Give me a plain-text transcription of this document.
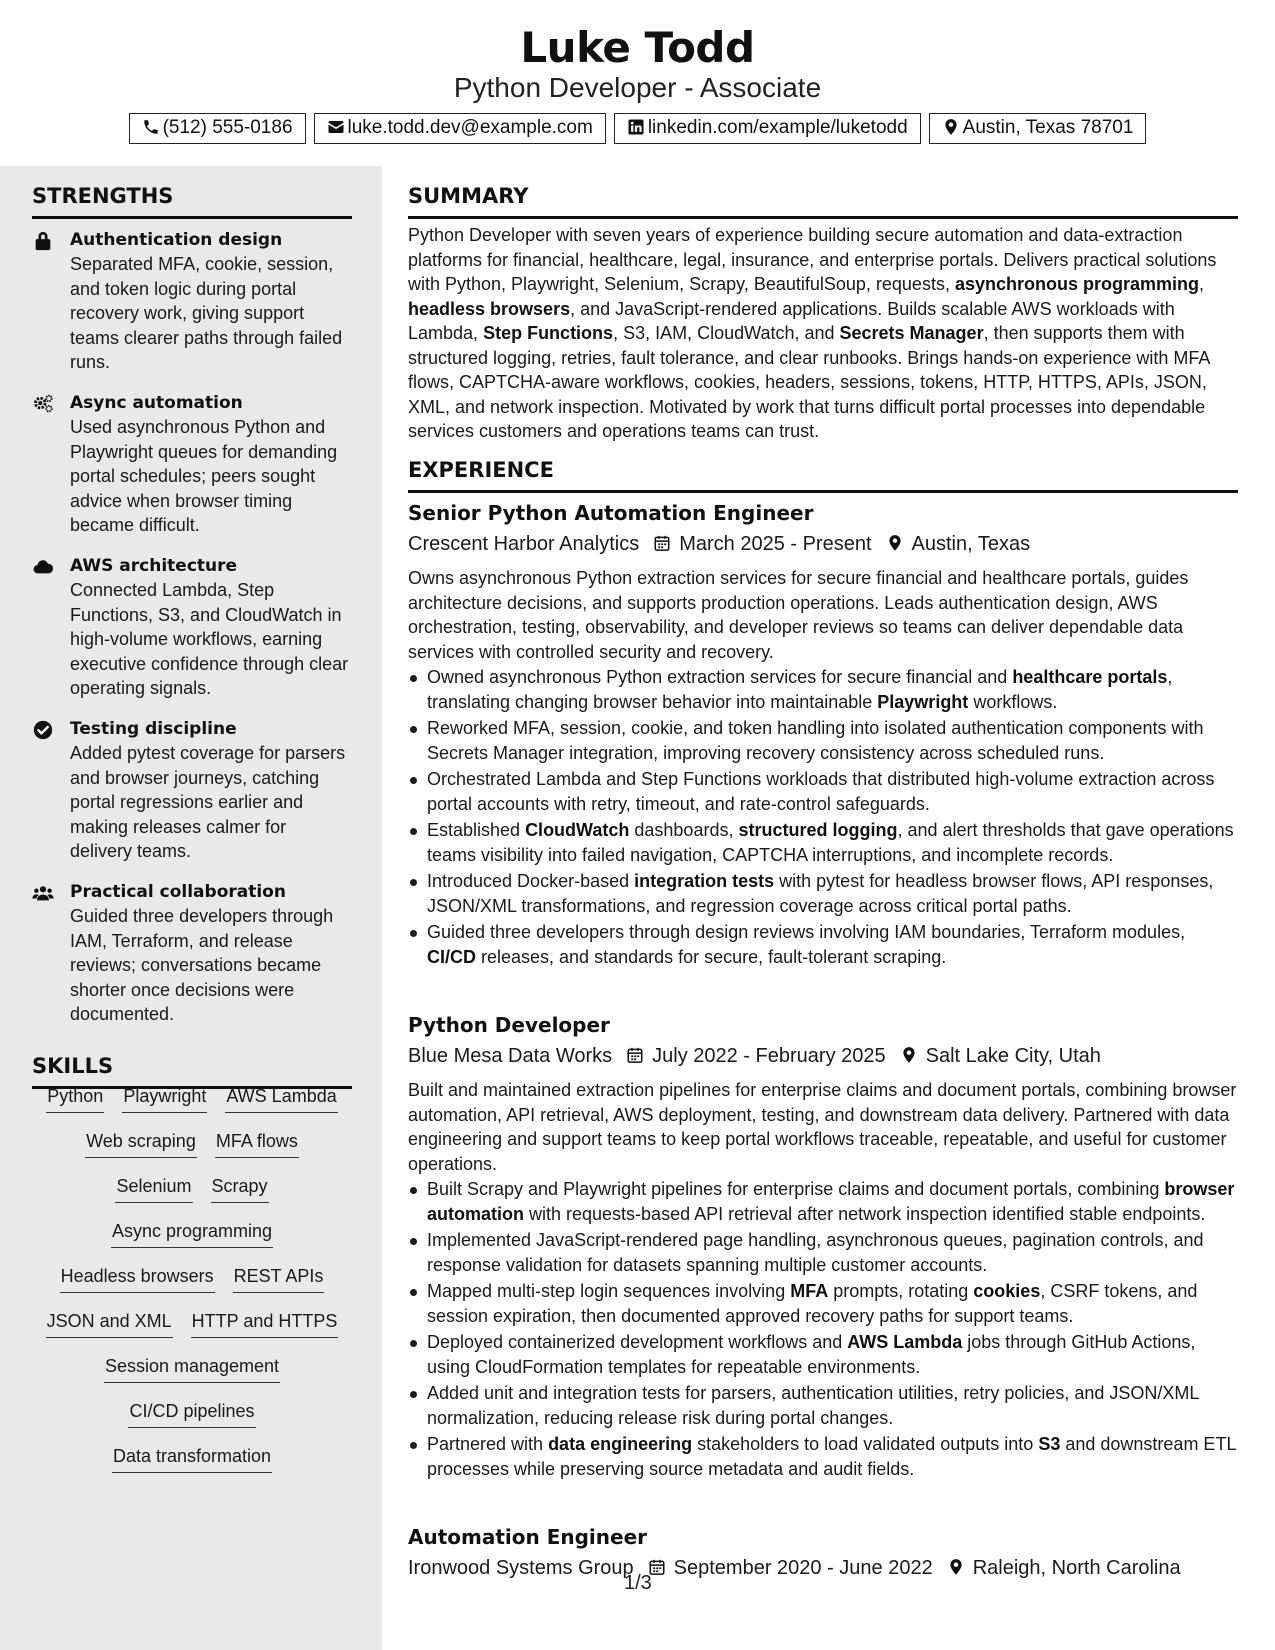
Luke Todd
Python Developer - Associate
(512) 555-0186	luke.todd.dev@example.com	linkedin.com/example/luketodd	Austin, Texas 78701
STRENGTHS
Authentication design
Separated MFA, cookie, session, and token logic during portal recovery work, giving support teams clearer paths through failed runs.
Async automation
Used asynchronous Python and Playwright queues for demanding portal schedules; peers sought advice when browser timing became difficult.
AWS architecture
Connected Lambda, Step Functions, S3, and CloudWatch in high-volume workflows, earning executive confidence through clear operating signals.
Testing discipline
Added pytest coverage for parsers and browser journeys, catching portal regressions earlier and making releases calmer for delivery teams.
Practical collaboration
Guided three developers through IAM, Terraform, and release reviews; conversations became shorter once decisions were documented.
SKILLS
Python Playwright AWS Lambda
Web scraping MFA flows
Selenium Scrapy
Async programming
Headless browsers REST APIs
JSON and XML HTTP and HTTPS
Session management
CI/CD pipelines
Data transformation
SUMMARY
Python Developer with seven years of experience building secure automation and data-extraction platforms for financial, healthcare, legal, insurance, and enterprise portals. Delivers practical solutions with Python, Playwright, Selenium, Scrapy, BeautifulSoup, requests, asynchronous programming, headless browsers, and JavaScript-rendered applications. Builds scalable AWS workloads with Lambda, Step Functions, S3, IAM, CloudWatch, and Secrets Manager, then supports them with structured logging, retries, fault tolerance, and clear runbooks. Brings hands-on experience with MFA flows, CAPTCHA-aware workflows, cookies, headers, sessions, tokens, HTTP, HTTPS, APIs, JSON, XML, and network inspection. Motivated by work that turns difficult portal processes into dependable services customers and operations teams can trust.
EXPERIENCE
Senior Python Automation Engineer
Crescent Harbor Analytics March 2025 - Present Austin, Texas
Owns asynchronous Python extraction services for secure financial and healthcare portals, guides architecture decisions, and supports production operations. Leads authentication design, AWS orchestration, testing, observability, and developer reviews so teams can deliver dependable data services with controlled security and recovery.
Owned asynchronous Python extraction services for secure financial and healthcare portals, translating changing browser behavior into maintainable Playwright workflows.
Reworked MFA, session, cookie, and token handling into isolated authentication components with Secrets Manager integration, improving recovery consistency across scheduled runs.
Orchestrated Lambda and Step Functions workloads that distributed high-volume extraction across portal accounts with retry, timeout, and rate-control safeguards.
Established CloudWatch dashboards, structured logging, and alert thresholds that gave operations teams visibility into failed navigation, CAPTCHA interruptions, and incomplete records.
Introduced Docker-based integration tests with pytest for headless browser flows, API responses, JSON/XML transformations, and regression coverage across critical portal paths.
Guided three developers through design reviews involving IAM boundaries, Terraform modules, CI/CD releases, and standards for secure, fault-tolerant scraping.
Python Developer
Blue Mesa Data Works July 2022 - February 2025 Salt Lake City, Utah
Built and maintained extraction pipelines for enterprise claims and document portals, combining browser automation, API retrieval, AWS deployment, testing, and downstream data delivery. Partnered with data engineering and support teams to keep portal workflows traceable, repeatable, and useful for customer operations.
Built Scrapy and Playwright pipelines for enterprise claims and document portals, combining browser automation with requests-based API retrieval after network inspection identified stable endpoints.
Implemented JavaScript-rendered page handling, asynchronous queues, pagination controls, and response validation for datasets spanning multiple customer accounts.
Mapped multi-step login sequences involving MFA prompts, rotating cookies, CSRF tokens, and session expiration, then documented approved recovery paths for support teams.
Deployed containerized development workflows and AWS Lambda jobs through GitHub Actions, using CloudFormation templates for repeatable environments.
Added unit and integration tests for parsers, authentication utilities, retry policies, and JSON/XML normalization, reducing release risk during portal changes.
Partnered with data engineering stakeholders to load validated outputs into S3 and downstream ETL processes while preserving source metadata and audit fields.
Automation Engineer
Ironwood Systems Group September 2020 - June 2022 Raleigh, North Carolina
1/3
